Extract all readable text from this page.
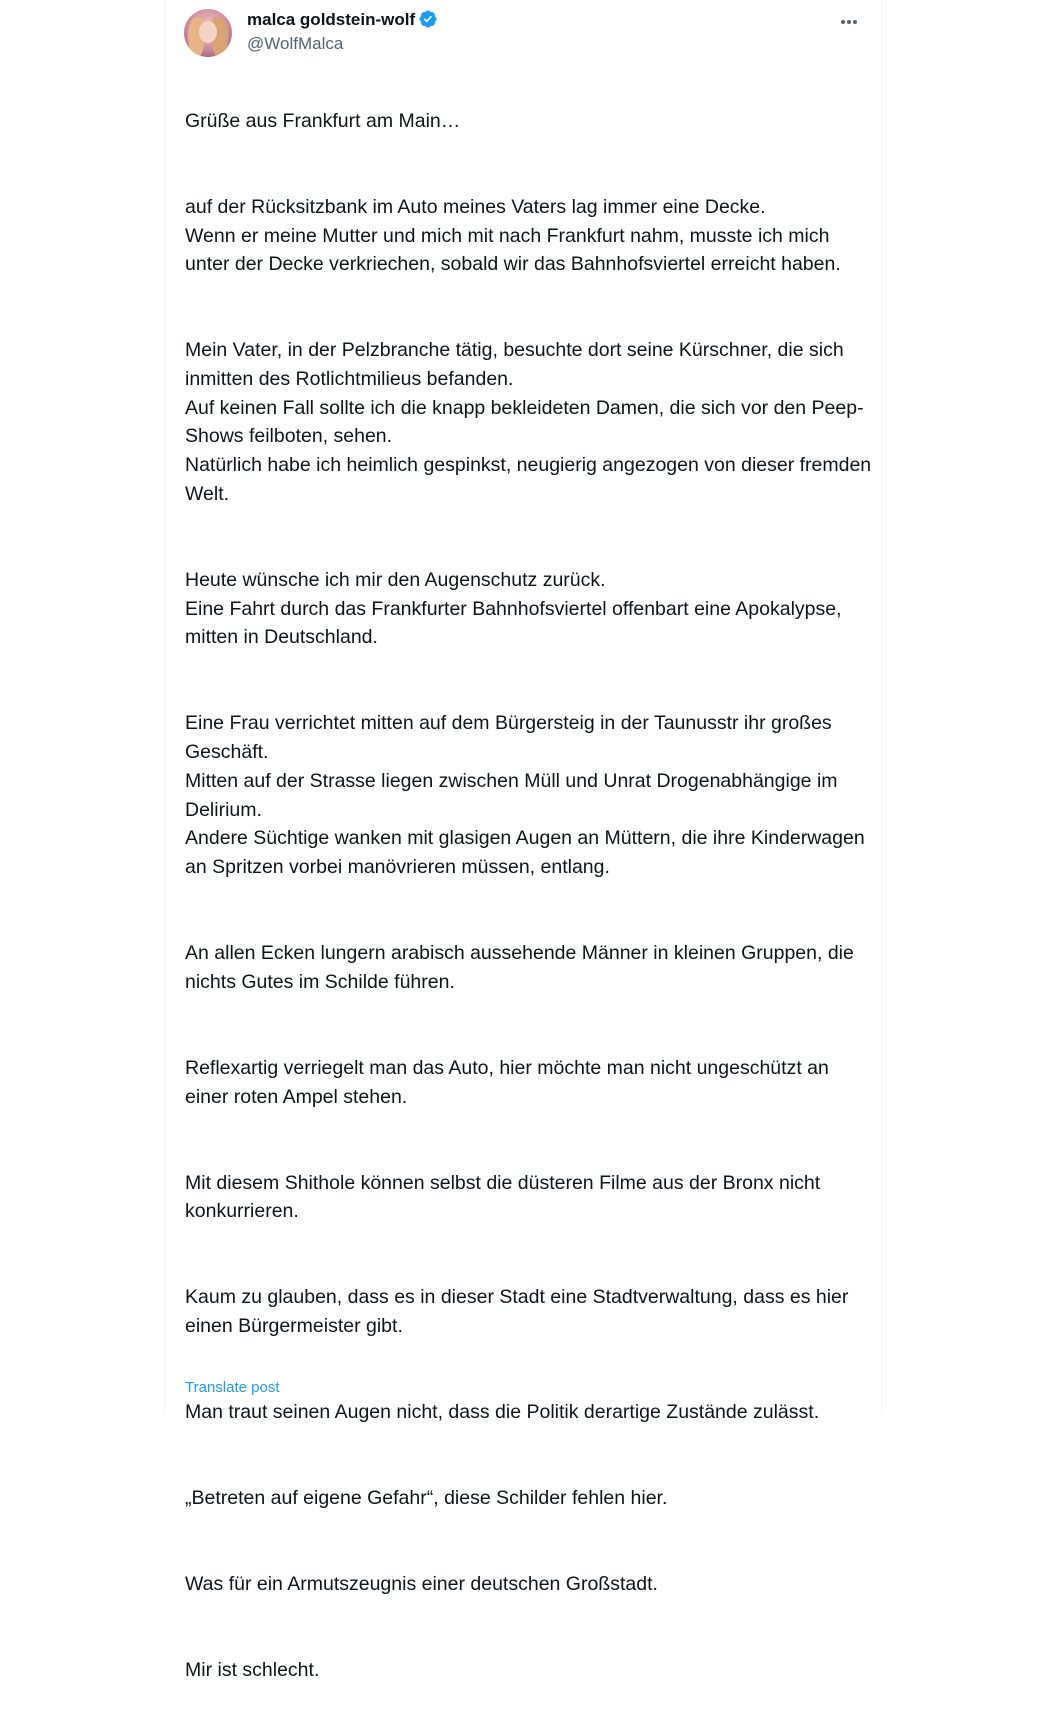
malca goldstein-wolf
@WolfMalca

Grüße aus Frankfurt am Main…

auf der Rücksitzbank im Auto meines Vaters lag immer eine Decke.
Wenn er meine Mutter und mich mit nach Frankfurt nahm, musste ich mich unter der Decke verkriechen, sobald wir das Bahnhofsviertel erreicht haben.

Mein Vater, in der Pelzbranche tätig, besuchte dort seine Kürschner, die sich inmitten des Rotlichtmilieus befanden.
Auf keinen Fall sollte ich die knapp bekleideten Damen, die sich vor den Peep-Shows feilboten, sehen.
Natürlich habe ich heimlich gespinkst, neugierig angezogen von dieser fremden Welt.

Heute wünsche ich mir den Augenschutz zurück.
Eine Fahrt durch das Frankfurter Bahnhofsviertel offenbart eine Apokalypse, mitten in Deutschland.

Eine Frau verrichtet mitten auf dem Bürgersteig in der Taunusstr ihr großes Geschäft.
Mitten auf der Strasse liegen zwischen Müll und Unrat Drogenabhängige im Delirium.
Andere Süchtige wanken mit glasigen Augen an Müttern, die ihre Kinderwagen an Spritzen vorbei manövrieren müssen, entlang.

An allen Ecken lungern arabisch aussehende Männer in kleinen Gruppen, die nichts Gutes im Schilde führen.

Reflexartig verriegelt man das Auto, hier möchte man nicht ungeschützt an einer roten Ampel stehen.

Mit diesem Shithole können selbst die düsteren Filme aus der Bronx nicht konkurrieren.

Kaum zu glauben, dass es in dieser Stadt eine Stadtverwaltung, dass es hier einen Bürgermeister gibt.

Man traut seinen Augen nicht, dass die Politik derartige Zustände zulässt.

„Betreten auf eigene Gefahr“, diese Schilder fehlen hier.

Was für ein Armutszeugnis einer deutschen Großstadt.

Mir ist schlecht.

Translate post
